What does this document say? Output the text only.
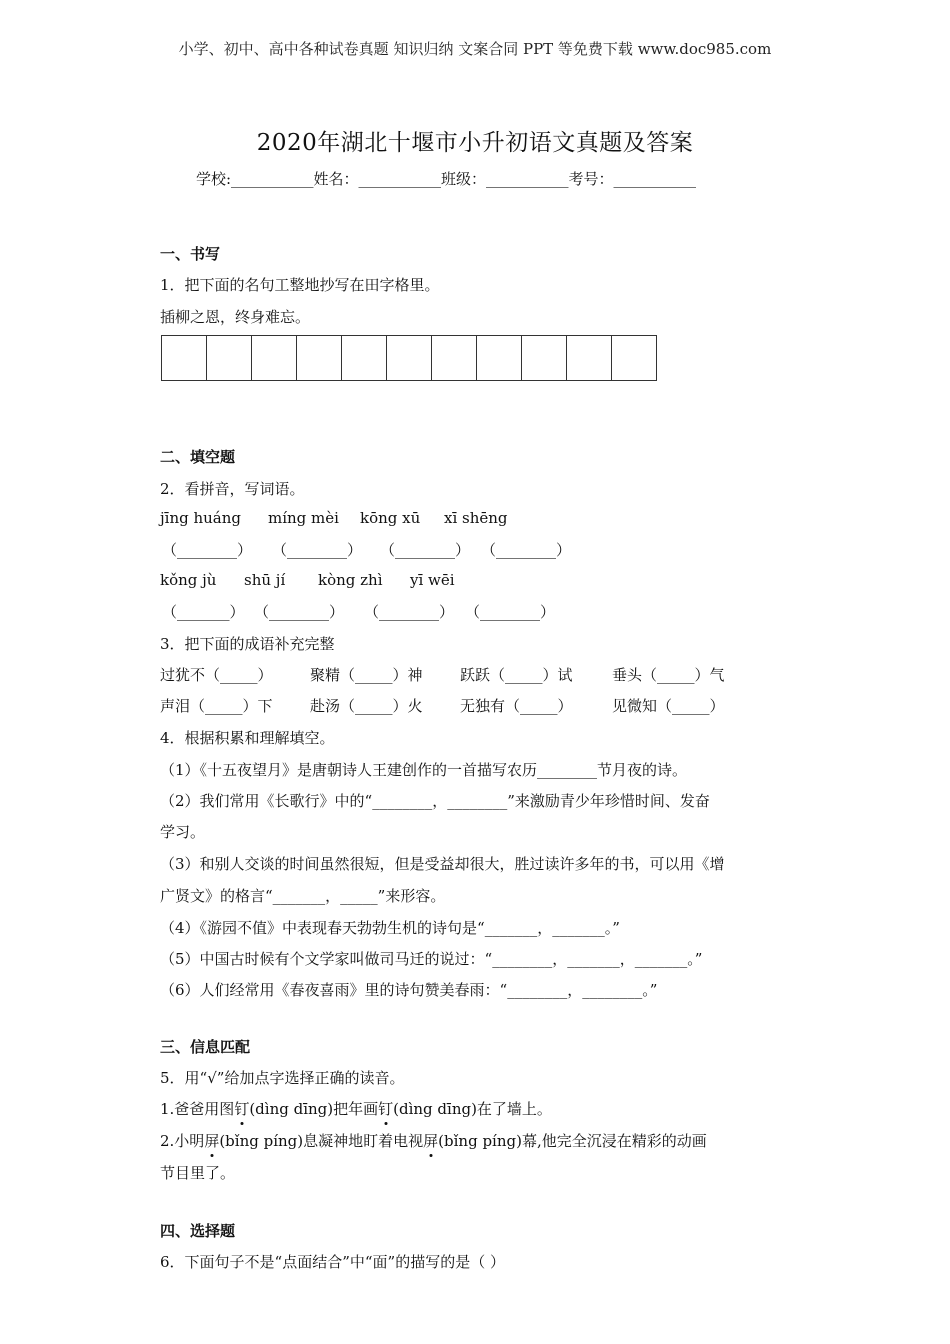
小学、初中、高中各种试卷真题 知识归纳 文案合同 PPT 等免费下载 www.doc985.com
2020年湖北十堰市小升初语文真题及答案
学校:___________姓名：___________班级：___________考号：___________
一、书写
1．把下面的名句工整地抄写在田字格里。
插柳之恩，终身难忘。
二、填空题
2．看拼音，写词语。
jīng huáng míng mèi kōng xū xī shēng
（________） （________） （________） （________）
kǒng jù shū jí kòng zhì yī wēi
（_______） （________） （________） （________）
3．把下面的成语补充完整
过犹不（_____） 聚精（_____）神 跃跃（_____）试	垂头（_____）气
声泪（_____）下 赴汤（_____）火 无独有（_____）	见微知（_____）
4．根据积累和理解填空。
（1）《十五夜望月》是唐朝诗人王建创作的一首描写农历________节月夜的诗。
（2）我们常用《长歌行》中的“________，________”来激励青少年珍惜时间、发奋
学习。
（3）和别人交谈的时间虽然很短，但是受益却很大，胜过读许多年的书，可以用《增
广贤文》的格言“_______，_____”来形容。
（4）《游园不值》中表现春天勃勃生机的诗句是“_______，_______。”
（5）中国古时候有个文学家叫做司马迁的说过：“________，_______，_______。”
（6）人们经常用《春夜喜雨》里的诗句赞美春雨：“________，________。”
三、信息匹配
5．用“√”给加点字选择正确的读音。
1.爸爸用图钉(dìng dīng)把年画钉(dìng dīng)在了墙上。
2.小明屏(bǐng píng)息凝神地盯着电视屏(bǐng píng)幕,他完全沉浸在精彩的动画
节目里了。
四、选择题
6．下面句子不是“点面结合”中“面”的描写的是（ ）
